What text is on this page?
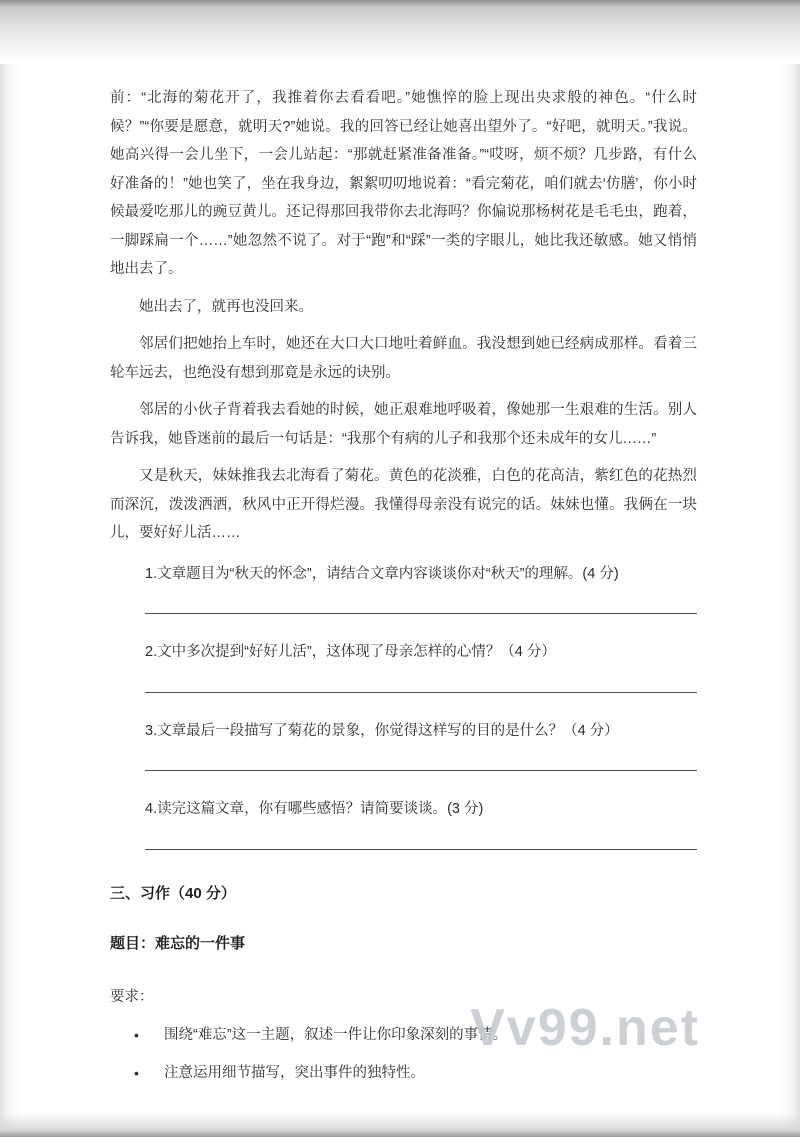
前：“北海的菊花开了，我推着你去看看吧。”她憔悴的脸上现出央求般的神色。“什么时候？”“你要是愿意，就明天?”她说。我的回答已经让她喜出望外了。“好吧，就明天。”我说。她高兴得一会儿坐下，一会儿站起：“那就赶紧准备准备。”“哎呀，烦不烦？几步路，有什么好准备的！”她也笑了，坐在我身边，絮絮叨叨地说着：“看完菊花，咱们就去‘仿膳’，你小时候最爱吃那儿的豌豆黄儿。还记得那回我带你去北海吗？你偏说那杨树花是毛毛虫，跑着，一脚踩扁一个……”她忽然不说了。对于“跑”和“踩”一类的字眼儿，她比我还敏感。她又悄悄地出去了。

她出去了，就再也没回来。

邻居们把她抬上车时，她还在大口大口地吐着鲜血。我没想到她已经病成那样。看着三轮车远去，也绝没有想到那竟是永远的诀别。

邻居的小伙子背着我去看她的时候，她正艰难地呼吸着，像她那一生艰难的生活。别人告诉我，她昏迷前的最后一句话是：“我那个有病的儿子和我那个还未成年的女儿……”

又是秋天，妹妹推我去北海看了菊花。黄色的花淡雅，白色的花高洁，紫红色的花热烈而深沉，泼泼洒洒，秋风中正开得烂漫。我懂得母亲没有说完的话。妹妹也懂。我俩在一块儿，要好好儿活……

1.文章题目为“秋天的怀念”，请结合文章内容谈谈你对“秋天”的理解。(4 分)

2.文中多次提到“好好儿活”，这体现了母亲怎样的心情？（4 分）

3.文章最后一段描写了菊花的景象，你觉得这样写的目的是什么？（4 分）

4.读完这篇文章，你有哪些感悟？请简要谈谈。(3 分)

三、习作（40 分）
题目：难忘的一件事

要求：

•	围绕“难忘”这一主题，叙述一件让你印象深刻的事情。
•	注意运用细节描写，突出事件的独特性。
Vv99.net
